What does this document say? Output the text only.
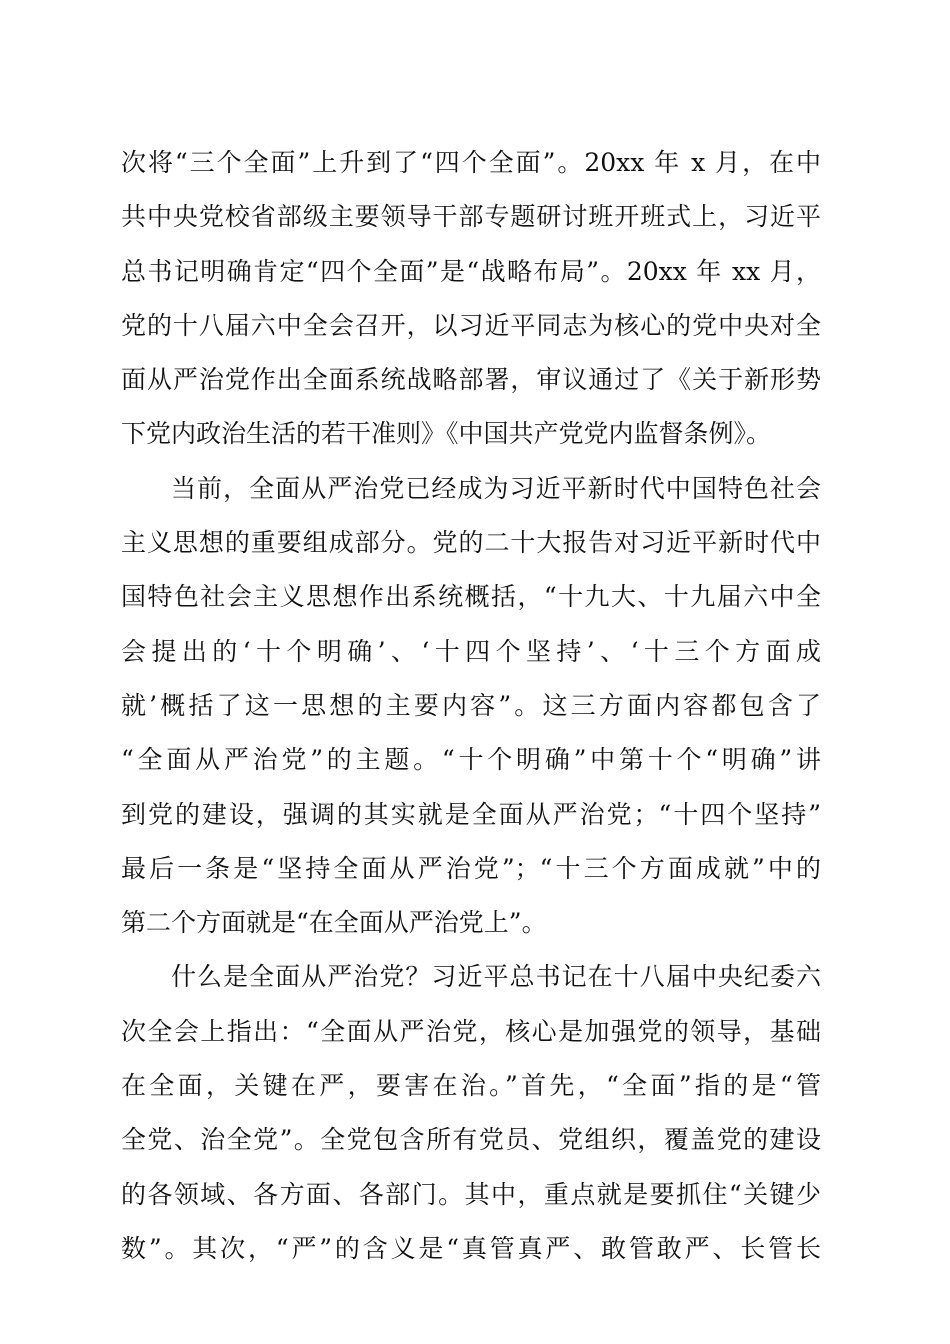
次将“三个全面”上升到了“四个全面”。20xx 年 x 月，在中
共中央党校省部级主要领导干部专题研讨班开班式上，习近平
总书记明确肯定“四个全面”是“战略布局”。20xx 年 xx 月，
党的十八届六中全会召开，以习近平同志为核心的党中央对全
面从严治党作出全面系统战略部署，审议通过了《关于新形势
下党内政治生活的若干准则》《中国共产党党内监督条例》。
当前，全面从严治党已经成为习近平新时代中国特色社会
主义思想的重要组成部分。党的二十大报告对习近平新时代中
国特色社会主义思想作出系统概括，“十九大、十九届六中全
会提出的‘十个明确’、‘十四个坚持’、‘十三个方面成
就’概括了这一思想的主要内容”。这三方面内容都包含了
“全面从严治党”的主题。“十个明确”中第十个“明确”讲
到党的建设，强调的其实就是全面从严治党；“十四个坚持”
最后一条是“坚持全面从严治党”；“十三个方面成就”中的
第二个方面就是“在全面从严治党上”。
什么是全面从严治党？习近平总书记在十八届中央纪委六
次全会上指出：“全面从严治党，核心是加强党的领导，基础
在全面，关键在严，要害在治。”首先，“全面”指的是“管
全党、治全党”。全党包含所有党员、党组织，覆盖党的建设
的各领域、各方面、各部门。其中，重点就是要抓住“关键少
数”。其次，“严”的含义是“真管真严、敢管敢严、长管长
